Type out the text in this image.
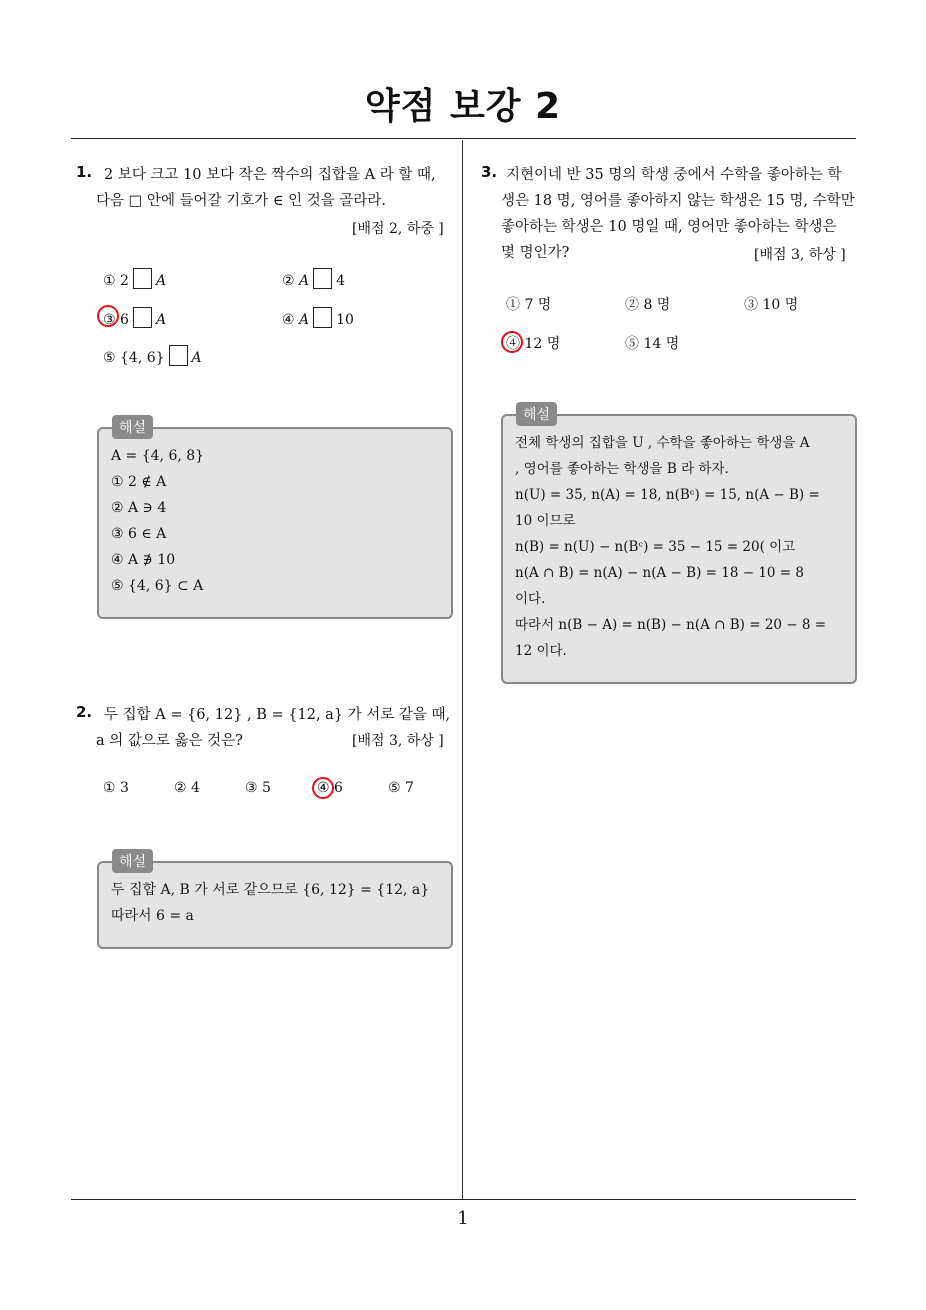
약점 보강 2
1
1. 2 보다 크고 10 보다 작은 짝수의 집합을 A 라 할 때,
다음 □ 안에 들어갈 기호가 ∈ 인 것을 골라라.
[배점 2, 하중 ]
① 2 A	② A 4
③ 6 A	④ A 10
⑤ {4, 6} A
A = {4, 6, 8}
① 2 ∉ A
② A ∋ 4
③ 6 ∈ A
④ A ∌ 10
⑤ {4, 6} ⊂ A
해설
2. 두 집합 A = {6, 12} , B = {12, a} 가 서로 같을 때,
a 의 값으로 옳은 것은?	[배점 3, 하상 ]
① 3	② 4	③ 5	④ 6	⑤ 7
두 집합 A, B 가 서로 같으므로 {6, 12} = {12, a}
따라서 6 = a
해설
3. 지현이네 반 35 명의 학생 중에서 수학을 좋아하는 학
생은 18 명, 영어를 좋아하지 않는 학생은 15 명, 수학만
좋아하는 학생은 10 명일 때, 영어만 좋아하는 학생은
몇 명인가?	[배점 3, 하상 ]
① 7 명	② 8 명	③ 10 명
④ 12 명	⑤ 14 명
전체 학생의 집합을 U , 수학을 좋아하는 학생을 A
, 영어를 좋아하는 학생을 B 라 하자.
n(U) = 35, n(A) = 18, n(Bᶜ) = 15, n(A − B) =
10 이므로
n(B) = n(U) − n(Bᶜ) = 35 − 15 = 20( 이고
n(A ∩ B) = n(A) − n(A − B) = 18 − 10 = 8
이다.
따라서 n(B − A) = n(B) − n(A ∩ B) = 20 − 8 =
12 이다.
해설
